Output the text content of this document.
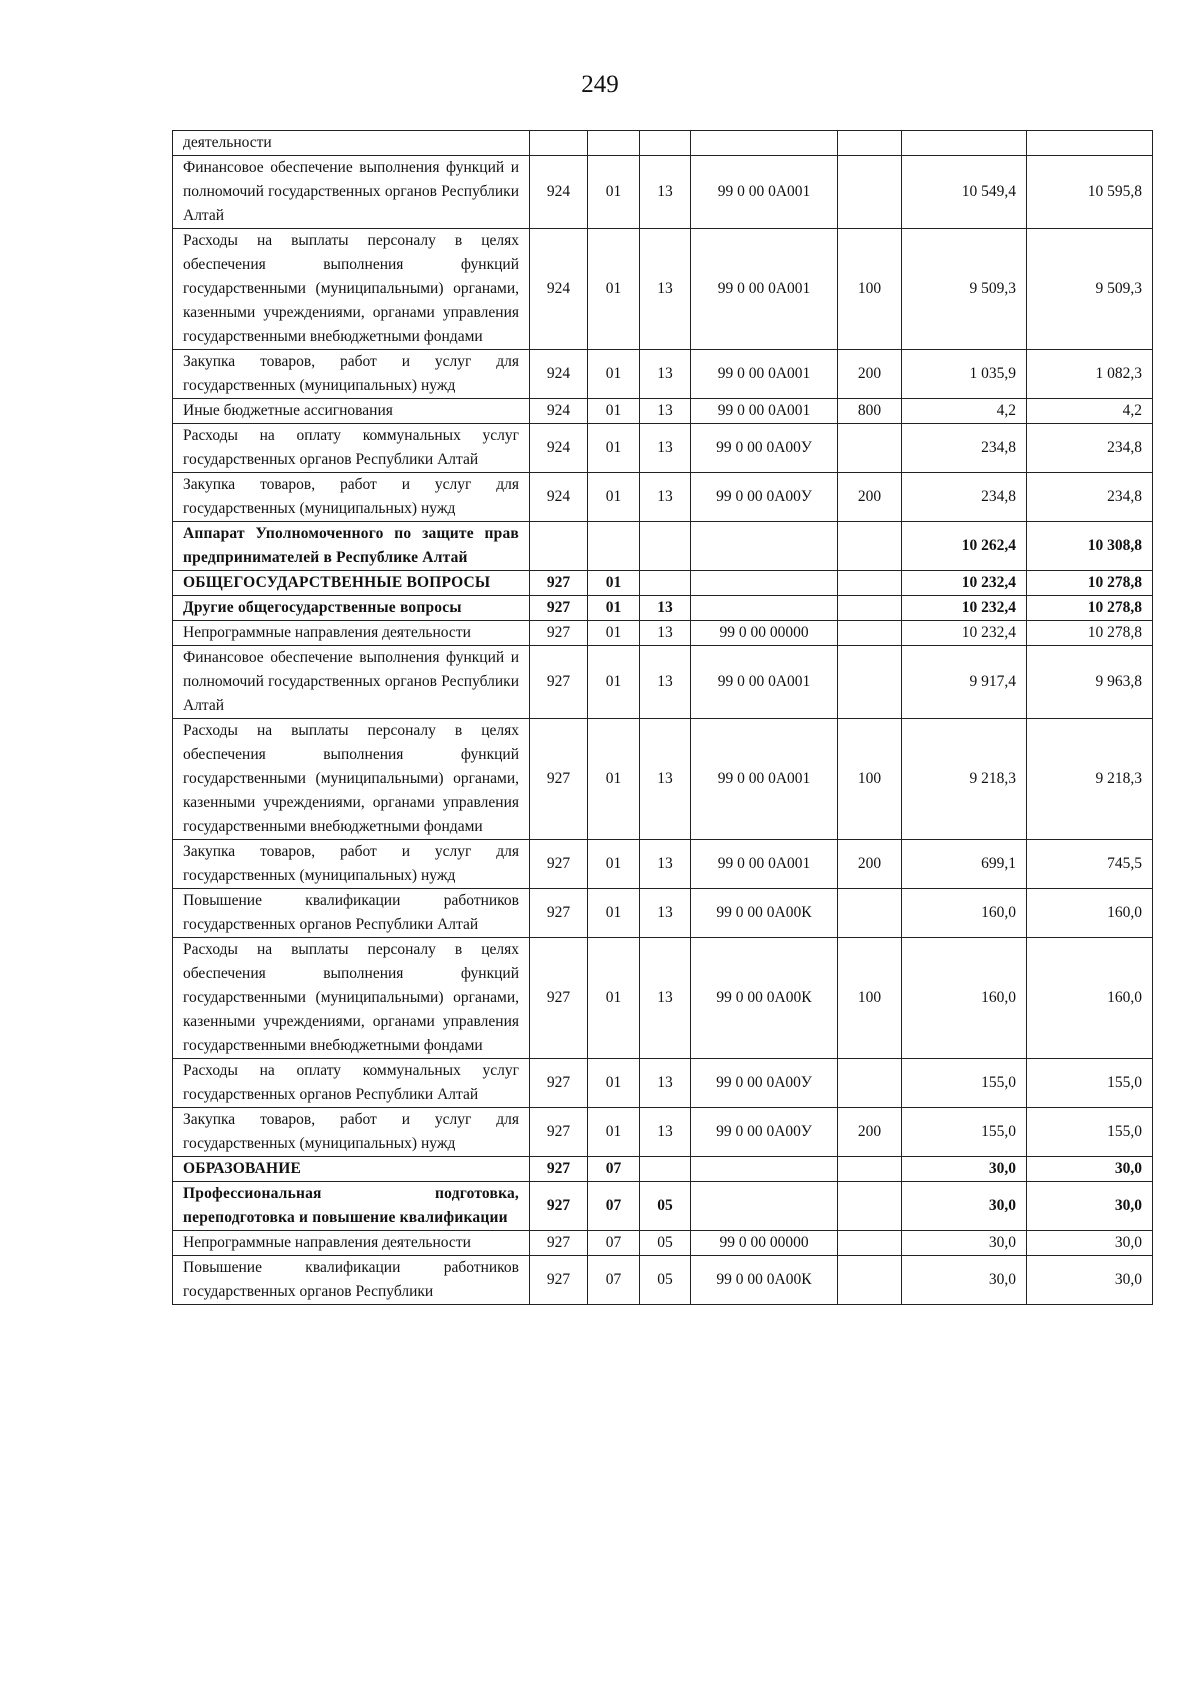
249
деятельности							
Финансовое обеспечение выполнения функций и полномочий государственных органов Республики Алтай	924	01	13	99 0 00 0А001		10 549,4	10 595,8
Расходы на выплаты персоналу в целях обеспечения выполнения функций государственными (муниципальными) органами, казенными учреждениями, органами управления государственными внебюджетными фондами	924	01	13	99 0 00 0А001	100	9 509,3	9 509,3
Закупка товаров, работ и услуг для государственных (муниципальных) нужд	924	01	13	99 0 00 0А001	200	1 035,9	1 082,3
Иные бюджетные ассигнования	924	01	13	99 0 00 0А001	800	4,2	4,2
Расходы на оплату коммунальных услуг государственных органов Республики Алтай	924	01	13	99 0 00 0А00У		234,8	234,8
Закупка товаров, работ и услуг для государственных (муниципальных) нужд	924	01	13	99 0 00 0А00У	200	234,8	234,8
Аппарат Уполномоченного по защите прав предпринимателей в Республике Алтай						10 262,4	10 308,8
ОБЩЕГОСУДАРСТВЕННЫЕ ВОПРОСЫ	927	01				10 232,4	10 278,8
Другие общегосударственные вопросы	927	01	13			10 232,4	10 278,8
Непрограммные направления деятельности	927	01	13	99 0 00 00000		10 232,4	10 278,8
Финансовое обеспечение выполнения функций и полномочий государственных органов Республики Алтай	927	01	13	99 0 00 0А001		9 917,4	9 963,8
Расходы на выплаты персоналу в целях обеспечения выполнения функций государственными (муниципальными) органами, казенными учреждениями, органами управления государственными внебюджетными фондами	927	01	13	99 0 00 0А001	100	9 218,3	9 218,3
Закупка товаров, работ и услуг для государственных (муниципальных) нужд	927	01	13	99 0 00 0А001	200	699,1	745,5
Повышение квалификации работников государственных органов Республики Алтай	927	01	13	99 0 00 0А00К		160,0	160,0
Расходы на выплаты персоналу в целях обеспечения выполнения функций государственными (муниципальными) органами, казенными учреждениями, органами управления государственными внебюджетными фондами	927	01	13	99 0 00 0А00К	100	160,0	160,0
Расходы на оплату коммунальных услуг государственных органов Республики Алтай	927	01	13	99 0 00 0А00У		155,0	155,0
Закупка товаров, работ и услуг для государственных (муниципальных) нужд	927	01	13	99 0 00 0А00У	200	155,0	155,0
ОБРАЗОВАНИЕ	927	07				30,0	30,0
Профессиональная подготовка, переподготовка и повышение квалификации	927	07	05			30,0	30,0
Непрограммные направления деятельности	927	07	05	99 0 00 00000		30,0	30,0
Повышение квалификации работников государственных органов Республики	927	07	05	99 0 00 0А00К		30,0	30,0
